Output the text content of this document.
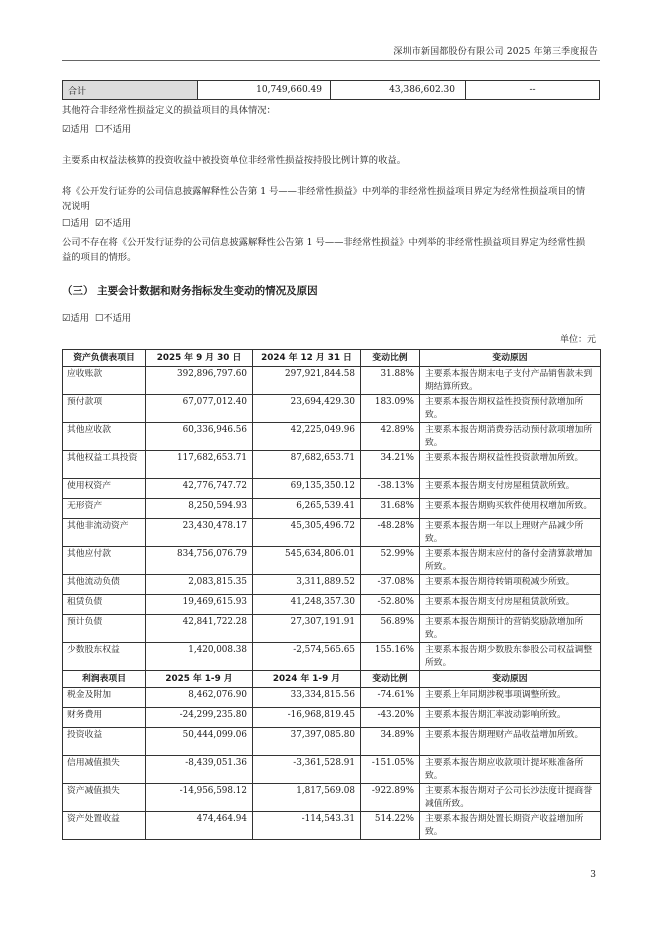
深圳市新国都股份有限公司 2025 年第三季度报告
合计	10,749,660.49	43,386,602.30	--
其他符合非经常性损益定义的损益项目的具体情况：
☑适用 ☐不适用
主要系由权益法核算的投资收益中被投资单位非经常性损益按持股比例计算的收益。
将《公开发行证券的公司信息披露解释性公告第 1 号——非经常性损益》中列举的非经常性损益项目界定为经常性损益项目的情况说明
☐适用 ☑不适用
公司不存在将《公开发行证券的公司信息披露解释性公告第 1 号——非经常性损益》中列举的非经常性损益项目界定为经常性损益的项目的情形。
（三） 主要会计数据和财务指标发生变动的情况及原因
☑适用 ☐不适用
单位：元
资产负债表项目	2025 年 9 月 30 日	2024 年 12 月 31 日	变动比例	变动原因
应收账款	392,896,797.60	297,921,844.58	31.88%	主要系本报告期末电子支付产品销售款未到期结算所致。
预付款项	67,077,012.40	23,694,429.30	183.09%	主要系本报告期权益性投资预付款增加所致。
其他应收款	60,336,946.56	42,225,049.96	42.89%	主要系本报告期消费券活动预付款项增加所致。
其他权益工具投资	117,682,653.71	87,682,653.71	34.21%	主要系本报告期权益性投资款增加所致。
使用权资产	42,776,747.72	69,135,350.12	-38.13%	主要系本报告期支付房屋租赁款所致。
无形资产	8,250,594.93	6,265,539.41	31.68%	主要系本报告期购买软件使用权增加所致。
其他非流动资产	23,430,478.17	45,305,496.72	-48.28%	主要系本报告期一年以上理财产品减少所致。
其他应付款	834,756,076.79	545,634,806.01	52.99%	主要系本报告期末应付的备付金清算款增加所致。
其他流动负债	2,083,815.35	3,311,889.52	-37.08%	主要系本报告期待转销项税减少所致。
租赁负债	19,469,615.93	41,248,357.30	-52.80%	主要系本报告期支付房屋租赁款所致。
预计负债	42,841,722.28	27,307,191.91	56.89%	主要系本报告期预计的营销奖励款增加所致。
少数股东权益	1,420,008.38	-2,574,565.65	155.16%	主要系本报告期少数股东参股公司权益调整所致。
利润表项目	2025 年 1-9 月	2024 年 1-9 月	变动比例	变动原因
税金及附加	8,462,076.90	33,334,815.56	-74.61%	主要系上年同期涉税事项调整所致。
财务费用	-24,299,235.80	-16,968,819.45	-43.20%	主要系本报告期汇率波动影响所致。
投资收益	50,444,099.06	37,397,085.80	34.89%	主要系本报告期理财产品收益增加所致。
信用减值损失	-8,439,051.36	-3,361,528.91	-151.05%	主要系本报告期应收款项计提坏账准备所致。
资产减值损失	-14,956,598.12	1,817,569.08	-922.89%	主要系本报告期对子公司长沙法度计提商誉减值所致。
资产处置收益	474,464.94	-114,543.31	514.22%	主要系本报告期处置长期资产收益增加所致。
3
